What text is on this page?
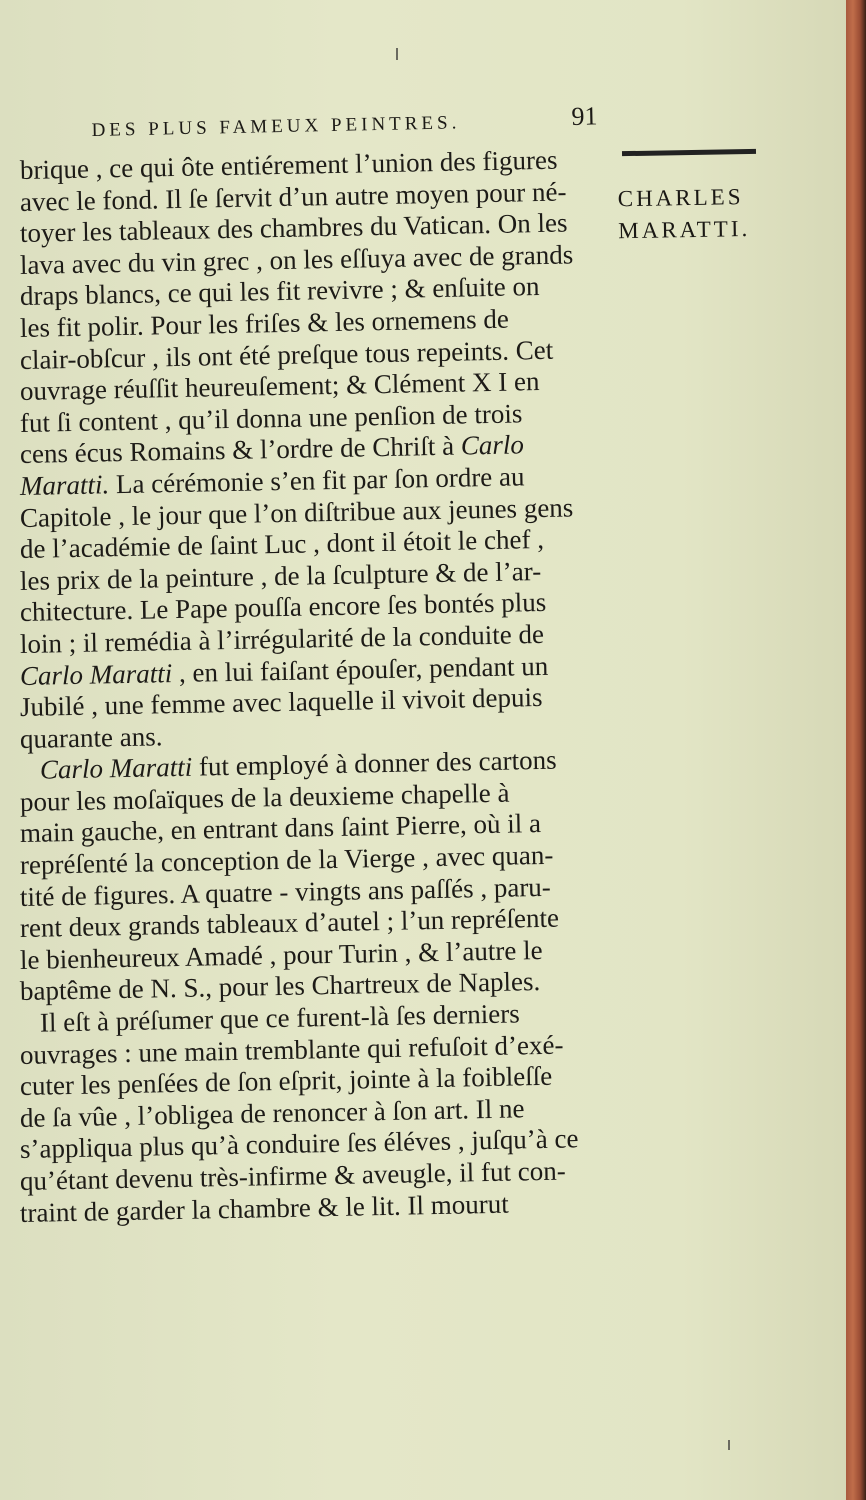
DES PLUS FAMEUX PEINTRES.	91
CHARLES
MARATTI.
brique , ce qui ôte entiérement l’union des figures
avec le fond. Il ſe ſervit d’un autre moyen pour né-
toyer les tableaux des chambres du Vatican. On les
lava avec du vin grec , on les eſſuya avec de grands
draps blancs, ce qui les fit revivre ; & enſuite on
les fit polir. Pour les friſes & les ornemens de
clair-obſcur , ils ont été preſque tous repeints. Cet
ouvrage réuſſit heureuſement; & Clément X I en
fut ſi content , qu’il donna une penſion de trois
cens écus Romains & l’ordre de Chriſt à Carlo
Maratti. La cérémonie s’en fit par ſon ordre au
Capitole , le jour que l’on diſtribue aux jeunes gens
de l’académie de ſaint Luc , dont il étoit le chef ,
les prix de la peinture , de la ſculpture & de l’ar-
chitecture. Le Pape pouſſa encore ſes bontés plus
loin ; il remédia à l’irrégularité de la conduite de
Carlo Maratti , en lui faiſant épouſer, pendant un
Jubilé , une femme avec laquelle il vivoit depuis
quarante ans.
Carlo Maratti fut employé à donner des cartons
pour les moſaïques de la deuxieme chapelle à
main gauche, en entrant dans ſaint Pierre, où il a
repréſenté la conception de la Vierge , avec quan-
tité de figures. A quatre - vingts ans paſſés , paru-
rent deux grands tableaux d’autel ; l’un repréſente
le bienheureux Amadé , pour Turin , & l’autre le
baptême de N. S., pour les Chartreux de Naples.
Il eſt à préſumer que ce furent-là ſes derniers
ouvrages : une main tremblante qui refuſoit d’exé-
cuter les penſées de ſon eſprit, jointe à la foibleſſe
de ſa vûe , l’obligea de renoncer à ſon art. Il ne
s’appliqua plus qu’à conduire ſes éléves , juſqu’à ce
qu’étant devenu très-infirme & aveugle, il fut con-
traint de garder la chambre & le lit. Il mourut
